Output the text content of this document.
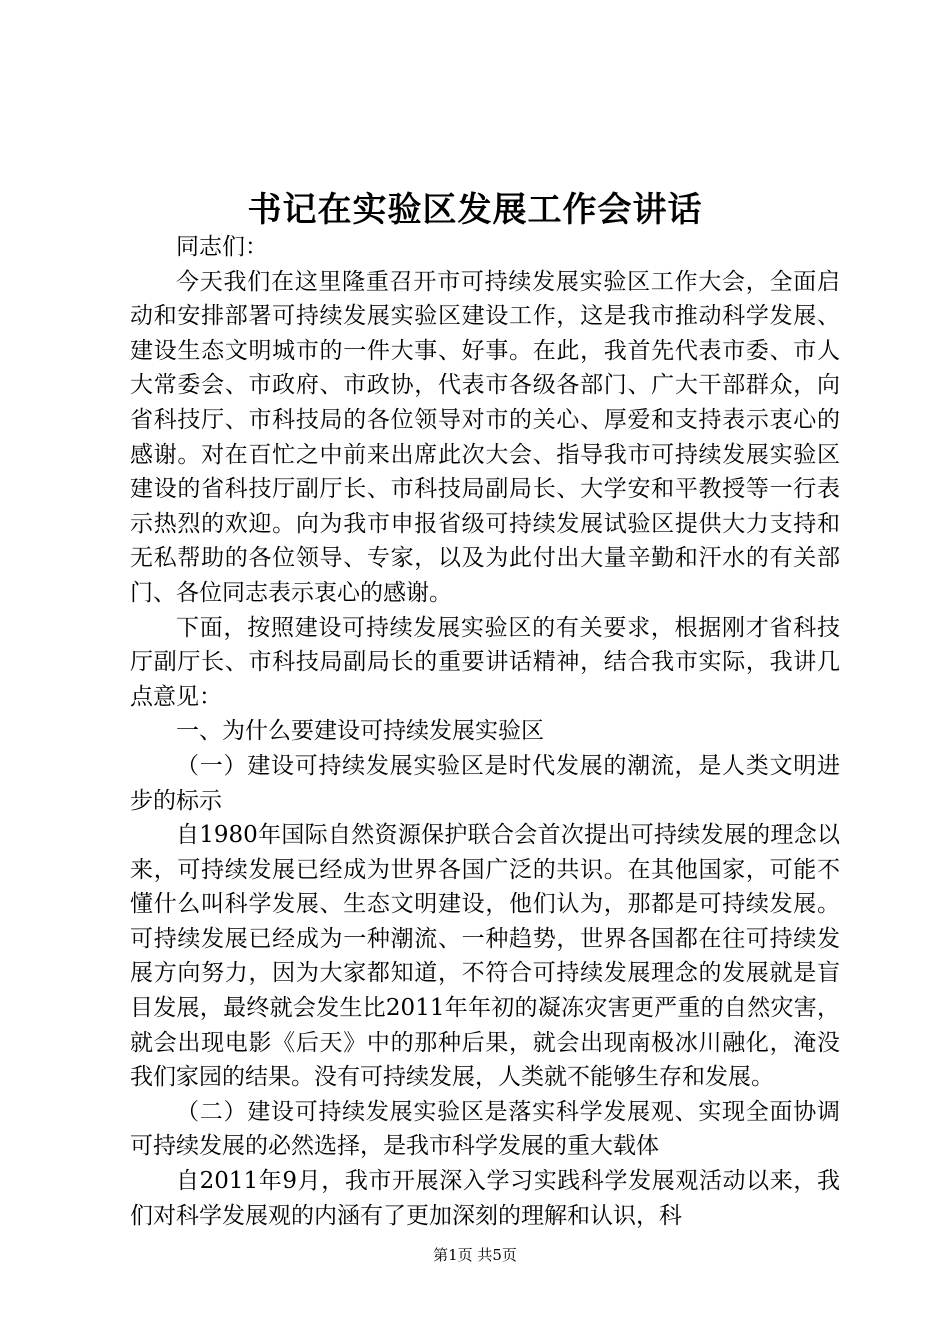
书记在实验区发展工作会讲话

同志们：

今天我们在这里隆重召开市可持续发展实验区工作大会，全面启动和安排部署可持续发展实验区建设工作，这是我市推动科学发展、建设生态文明城市的一件大事、好事。在此，我首先代表市委、市人大常委会、市政府、市政协，代表市各级各部门、广大干部群众，向省科技厅、市科技局的各位领导对市的关心、厚爱和支持表示衷心的感谢。对在百忙之中前来出席此次大会、指导我市可持续发展实验区建设的省科技厅副厅长、市科技局副局长、大学安和平教授等一行表示热烈的欢迎。向为我市申报省级可持续发展试验区提供大力支持和无私帮助的各位领导、专家，以及为此付出大量辛勤和汗水的有关部门、各位同志表示衷心的感谢。

下面，按照建设可持续发展实验区的有关要求，根据刚才省科技厅副厅长、市科技局副局长的重要讲话精神，结合我市实际，我讲几点意见：

一、为什么要建设可持续发展实验区

（一）建设可持续发展实验区是时代发展的潮流，是人类文明进步的标示

自1980年国际自然资源保护联合会首次提出可持续发展的理念以来，可持续发展已经成为世界各国广泛的共识。在其他国家，可能不懂什么叫科学发展、生态文明建设，他们认为，那都是可持续发展。可持续发展已经成为一种潮流、一种趋势，世界各国都在往可持续发展方向努力，因为大家都知道，不符合可持续发展理念的发展就是盲目发展，最终就会发生比2011年年初的凝冻灾害更严重的自然灾害，就会出现电影《后天》中的那种后果，就会出现南极冰川融化，淹没我们家园的结果。没有可持续发展，人类就不能够生存和发展。

（二）建设可持续发展实验区是落实科学发展观、实现全面协调可持续发展的必然选择，是我市科学发展的重大载体

自2011年9月，我市开展深入学习实践科学发展观活动以来，我们对科学发展观的内涵有了更加深刻的理解和认识，科

第1页 共5页
